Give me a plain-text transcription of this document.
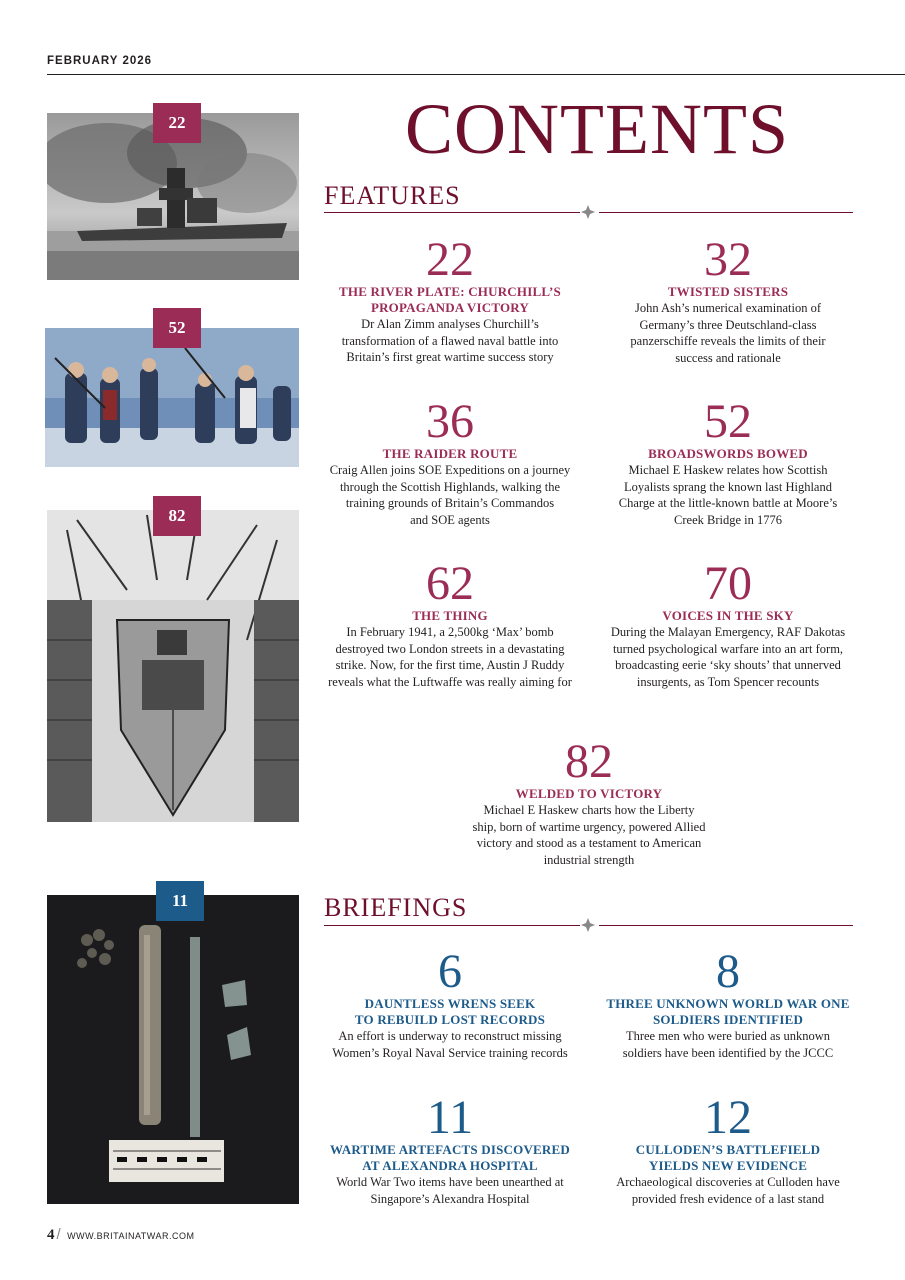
FEBRUARY 2026
22
52
82
11
CONTENTS
FEATURES
22
THE RIVER PLATE: CHURCHILL’S
PROPAGANDA VICTORY
Dr Alan Zimm analyses Churchill’s
transformation of a flawed naval battle into
Britain’s first great wartime success story
32
TWISTED SISTERS
John Ash’s numerical examination of
Germany’s three Deutschland-class
panzerschiffe reveals the limits of their
success and rationale
36
THE RAIDER ROUTE
Craig Allen joins SOE Expeditions on a journey
through the Scottish Highlands, walking the
training grounds of Britain’s Commandos
and SOE agents
52
BROADSWORDS BOWED
Michael E Haskew relates how Scottish
Loyalists sprang the known last Highland
Charge at the little-known battle at Moore’s
Creek Bridge in 1776
62
THE THING
In February 1941, a 2,500kg ‘Max’ bomb
destroyed two London streets in a devastating
strike. Now, for the first time, Austin J Ruddy
reveals what the Luftwaffe was really aiming for
70
VOICES IN THE SKY
During the Malayan Emergency, RAF Dakotas
turned psychological warfare into an art form,
broadcasting eerie ‘sky shouts’ that unnerved
insurgents, as Tom Spencer recounts
82
WELDED TO VICTORY
Michael E Haskew charts how the Liberty
ship, born of wartime urgency, powered Allied
victory and stood as a testament to American
industrial strength
BRIEFINGS
6
DAUNTLESS WRENS SEEK
TO REBUILD LOST RECORDS
An effort is underway to reconstruct missing
Women’s Royal Naval Service training records
8
THREE UNKNOWN WORLD WAR ONE
SOLDIERS IDENTIFIED
Three men who were buried as unknown
soldiers have been identified by the JCCC
11
WARTIME ARTEFACTS DISCOVERED
AT ALEXANDRA HOSPITAL
World War Two items have been unearthed at
Singapore’s Alexandra Hospital
12
CULLODEN’S BATTLEFIELD
YIELDS NEW EVIDENCE
Archaeological discoveries at Culloden have
provided fresh evidence of a last stand
4 / WWW.BRITAINATWAR.COM
